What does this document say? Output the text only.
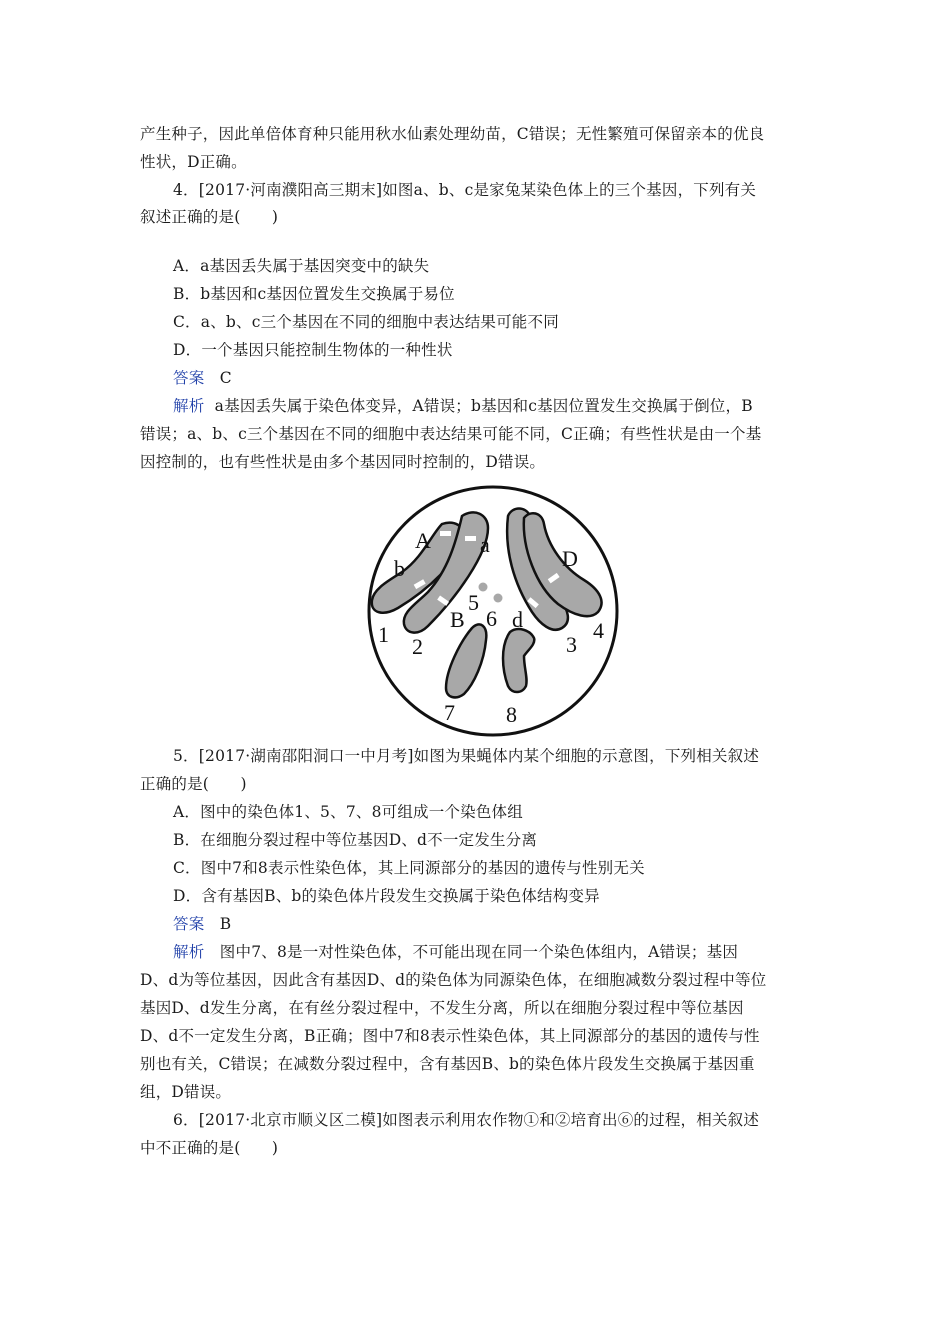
产生种子，因此单倍体育种只能用秋水仙素处理幼苗，C错误；无性繁殖可保留亲本的优良
性状，D正确。
4．[2017·河南濮阳高三期末]如图a、b、c是家兔某染色体上的三个基因，下列有关
叙述正确的是(　　)
A．a基因丢失属于基因突变中的缺失
B．b基因和c基因位置发生交换属于易位
C．a、b、c三个基因在不同的细胞中表达结果可能不同
D．一个基因只能控制生物体的一种性状
答案 C
解析 a基因丢失属于染色体变异，A错误；b基因和c基因位置发生交换属于倒位，B
错误；a、b、c三个基因在不同的细胞中表达结果可能不同，C正确；有些性状是由一个基
因控制的，也有些性状是由多个基因同时控制的，D错误。
A a
b	D
B d
1 2	3
4
5
6
7 8
5．[2017·湖南邵阳洞口一中月考]如图为果蝇体内某个细胞的示意图，下列相关叙述
正确的是(　　)
A．图中的染色体1、5、7、8可组成一个染色体组
B．在细胞分裂过程中等位基因D、d不一定发生分离
C．图中7和8表示性染色体，其上同源部分的基因的遗传与性别无关
D．含有基因B、b的染色体片段发生交换属于染色体结构变异
答案 B
解析 图中7、8是一对性染色体，不可能出现在同一个染色体组内，A错误；基因
D、d为等位基因，因此含有基因D、d的染色体为同源染色体，在细胞减数分裂过程中等位
基因D、d发生分离，在有丝分裂过程中，不发生分离，所以在细胞分裂过程中等位基因
D、d不一定发生分离，B正确；图中7和8表示性染色体，其上同源部分的基因的遗传与性
别也有关，C错误；在减数分裂过程中，含有基因B、b的染色体片段发生交换属于基因重
组，D错误。
6．[2017·北京市顺义区二模]如图表示利用农作物①和②培育出⑥的过程，相关叙述
中不正确的是(　　)
